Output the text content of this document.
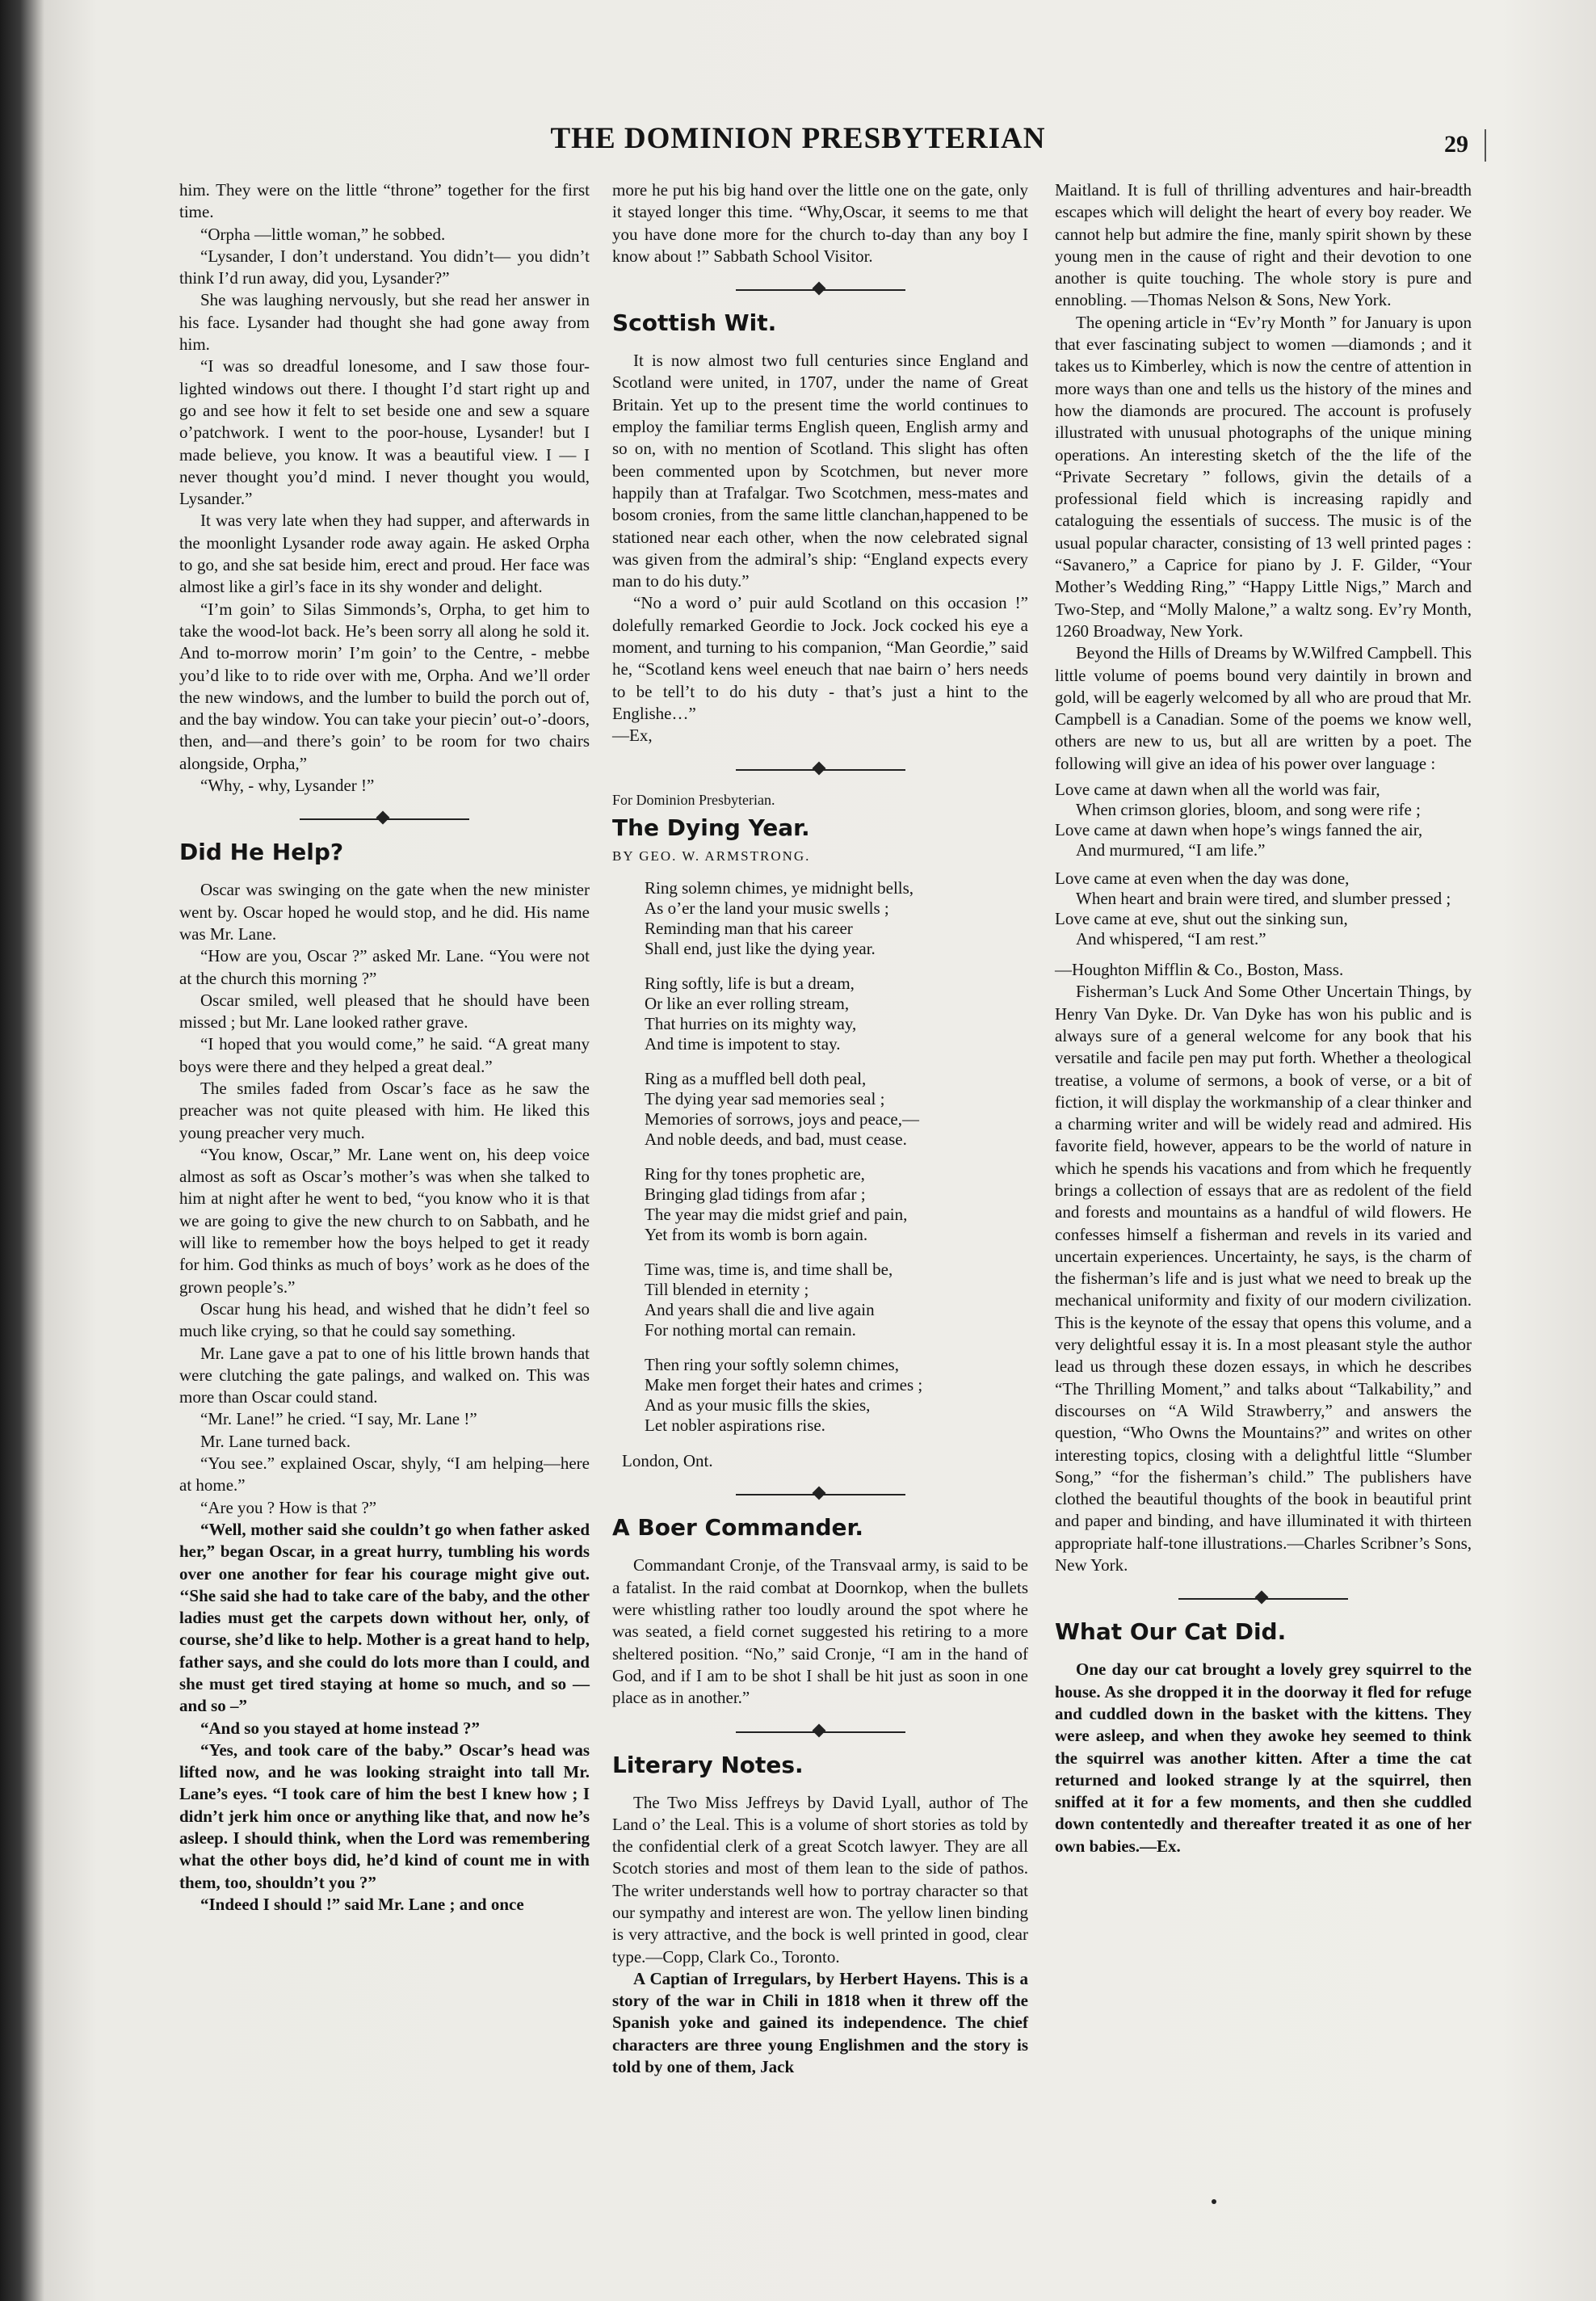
THE DOMINION PRESBYTERIAN	29

him. They were on the little “throne” together for the first time.

“Orpha —little woman,” he sobbed.

“Lysander, I don’t understand. You didn’t— you didn’t think I’d run away, did you, Lysander?”

She was laughing nervously, but she read her answer in his face. Lysander had thought she had gone away from him.

“I was so dreadful lonesome, and I saw those four-lighted windows out there. I thought I’d start right up and go and see how it felt to set beside one and sew a square o’patchwork. I went to the poor-house, Lysander! but I made believe, you know. It was a beautiful view. I — I never thought you’d mind. I never thought you would, Lysander.”

It was very late when they had supper, and afterwards in the moonlight Lysander rode away again. He asked Orpha to go, and she sat beside him, erect and proud. Her face was almost like a girl’s face in its shy wonder and delight.

“I’m goin’ to Silas Simmonds’s, Orpha, to get him to take the wood-lot back. He’s been sorry all along he sold it. And to-morrow morin’ I’m goin’ to the Centre, - mebbe you’d like to to ride over with me, Orpha. And we’ll order the new windows, and the lumber to build the porch out of, and the bay window. You can take your piecin’ out-o’-doors, then, and—and there’s goin’ to be room for two chairs alongside, Orpha,”

“Why, - why, Lysander !”

Did He Help?

Oscar was swinging on the gate when the new minister went by. Oscar hoped he would stop, and he did. His name was Mr. Lane.

“How are you, Oscar ?” asked Mr. Lane. “You were not at the church this morning ?”

Oscar smiled, well pleased that he should have been missed ; but Mr. Lane looked rather grave.

“I hoped that you would come,” he said. “A great many boys were there and they helped a great deal.”

The smiles faded from Oscar’s face as he saw the preacher was not quite pleased with him. He liked this young preacher very much.

“You know, Oscar,” Mr. Lane went on, his deep voice almost as soft as Oscar’s mother’s was when she talked to him at night after he went to bed, “you know who it is that we are going to give the new church to on Sabbath, and he will like to remember how the boys helped to get it ready for him. God thinks as much of boys’ work as he does of the grown people’s.”

Oscar hung his head, and wished that he didn’t feel so much like crying, so that he could say something.

Mr. Lane gave a pat to one of his little brown hands that were clutching the gate palings, and walked on. This was more than Oscar could stand.

“Mr. Lane!” he cried. “I say, Mr. Lane !”

Mr. Lane turned back.

“You see.” explained Oscar, shyly, “I am helping—here at home.”

“Are you ? How is that ?”

“Well, mother said she couldn’t go when father asked her,” began Oscar, in a great hurry, tumbling his words over one another for fear his courage might give out. ‘‘She said she had to take care of the baby, and the other ladies must get the carpets down without her, only, of course, she’d like to help. Mother is a great hand to help, father says, and she could do lots more than I could, and she must get tired staying at home so much, and so —and so –”

“And so you stayed at home instead ?”

“Yes, and took care of the baby.” Oscar’s head was lifted now, and he was looking straight into tall Mr. Lane’s eyes. “I took care of him the best I knew how ; I didn’t jerk him once or anything like that, and now he’s asleep. I should think, when the Lord was remembering what the other boys did, he’d kind of count me in with them, too, shouldn’t you ?”

“Indeed I should !” said Mr. Lane ; and once

more he put his big hand over the little one on the gate, only it stayed longer this time. “Why,Oscar, it seems to me that you have done more for the church to-day than any boy I know about !” Sabbath School Visitor.

Scottish Wit.

It is now almost two full centuries since England and Scotland were united, in 1707, under the name of Great Britain. Yet up to the present time the world continues to employ the familiar terms English queen, English army and so on, with no mention of Scotland. This slight has often been commented upon by Scotchmen, but never more happily than at Trafalgar. Two Scotchmen, mess-mates and bosom cronies, from the same little clanchan,happened to be stationed near each other, when the now celebrated signal was given from the admiral’s ship: “England expects every man to do his duty.”

“No a word o’ puir auld Scotland on this occasion !” dolefully remarked Geordie to Jock. Jock cocked his eye a moment, and turning to his companion, “Man Geordie,” said he, “Scotland kens weel eneuch that nae bairn o’ hers needs to be tell’t to do his duty - that’s just a hint to the Englishe…”

—Ex,

For Dominion Presbyterian.

The Dying Year.
BY GEO. W. ARMSTRONG.
Ring solemn chimes, ye midnight bells,
As o’er the land your music swells ;
Reminding man that his career
Shall end, just like the dying year.
Ring softly, life is but a dream,
Or like an ever rolling stream,
That hurries on its mighty way,
And time is impotent to stay.
Ring as a muffled bell doth peal,
The dying year sad memories seal ;
Memories of sorrows, joys and peace,—
And noble deeds, and bad, must cease.
Ring for thy tones prophetic are,
Bringing glad tidings from afar ;
The year may die midst grief and pain,
Yet from its womb is born again.
Time was, time is, and time shall be,
Till blended in eternity ;
And years shall die and live again
For nothing mortal can remain.
Then ring your softly solemn chimes,
Make men forget their hates and crimes ;
And as your music fills the skies,
Let nobler aspirations rise.

London, Ont.

A Boer Commander.

Commandant Cronje, of the Transvaal army, is said to be a fatalist. In the raid combat at Doornkop, when the bullets were whistling rather too loudly around the spot where he was seated, a field cornet suggested his retiring to a more sheltered position. “No,” said Cronje, “I am in the hand of God, and if I am to be shot I shall be hit just as soon in one place as in another.”

Literary Notes.

The Two Miss Jeffreys by David Lyall, author of The Land o’ the Leal. This is a volume of short stories as told by the confidential clerk of a great Scotch lawyer. They are all Scotch stories and most of them lean to the side of pathos. The writer understands well how to portray character so that our sympathy and interest are won. The yellow linen binding is very attractive, and the bock is well printed in good, clear type.—Copp, Clark Co., Toronto.

A Captian of Irregulars, by Herbert Hayens. This is a story of the war in Chili in 1818 when it threw off the Spanish yoke and gained its independence. The chief characters are three young Englishmen and the story is told by one of them, Jack

Maitland. It is full of thrilling adventures and hair-breadth escapes which will delight the heart of every boy reader. We cannot help but admire the fine, manly spirit shown by these young men in the cause of right and their devotion to one another is quite touching. The whole story is pure and ennobling. —Thomas Nelson & Sons, New York.

The opening article in “Ev’ry Month ” for January is upon that ever fascinating subject to women —diamonds ; and it takes us to Kimberley, which is now the centre of attention in more ways than one and tells us the history of the mines and how the diamonds are procured. The account is profusely illustrated with unusual photographs of the unique mining operations. An interesting sketch of the the life of the “Private Secretary ” follows, givin the details of a professional field which is increasing rapidly and cataloguing the essentials of success. The music is of the usual popular character, consisting of 13 well printed pages : “Savanero,” a Caprice for piano by J. F. Gilder, “Your Mother’s Wedding Ring,” “Happy Little Nigs,” March and Two-Step, and “Molly Malone,” a waltz song. Ev’ry Month, 1260 Broadway, New York.

Beyond the Hills of Dreams by W.Wilfred Campbell. This little volume of poems bound very daintily in brown and gold, will be eagerly welcomed by all who are proud that Mr. Campbell is a Canadian. Some of the poems we know well, others are new to us, but all are written by a poet. The following will give an idea of his power over language :

Love came at dawn when all the world was fair,
When crimson glories, bloom, and song were rife ;
Love came at dawn when hope’s wings fanned the air,
And murmured, “I am life.”
Love came at even when the day was done,
When heart and brain were tired, and slumber pressed ;
Love came at eve, shut out the sinking sun,
And whispered, “I am rest.”

—Houghton Mifflin & Co., Boston, Mass.

Fisherman’s Luck And Some Other Uncertain Things, by Henry Van Dyke. Dr. Van Dyke has won his public and is always sure of a general welcome for any book that his versatile and facile pen may put forth. Whether a theological treatise, a volume of sermons, a book of verse, or a bit of fiction, it will display the workmanship of a clear thinker and a charming writer and will be widely read and admired. His favorite field, however, appears to be the world of nature in which he spends his vacations and from which he frequently brings a collection of essays that are as redolent of the field and forests and mountains as a handful of wild flowers. He confesses himself a fisherman and revels in its varied and uncertain experiences. Uncertainty, he says, is the charm of the fisherman’s life and is just what we need to break up the mechanical uniformity and fixity of our modern civilization. This is the keynote of the essay that opens this volume, and a very delightful essay it is. In a most pleasant style the author lead us through these dozen essays, in which he describes “The Thrilling Moment,” and talks about “Talkability,” and discourses on “A Wild Strawberry,” and answers the question, “Who Owns the Mountains?” and writes on other interesting topics, closing with a delightful little “Slumber Song,” “for the fisherman’s child.” The publishers have clothed the beautiful thoughts of the book in beautiful print and paper and binding, and have illuminated it with thirteen appropriate half-tone illustrations.—Charles Scribner’s Sons, New York.

What Our Cat Did.

One day our cat brought a lovely grey squirrel to the house. As she dropped it in the doorway it fled for refuge and cuddled down in the basket with the kittens. They were asleep, and when they awoke hey seemed to think the squirrel was another kitten. After a time the cat returned and looked strange ly at the squirrel, then sniffed at it for a few moments, and then she cuddled down contentedly and thereafter treated it as one of her own babies.—Ex.
